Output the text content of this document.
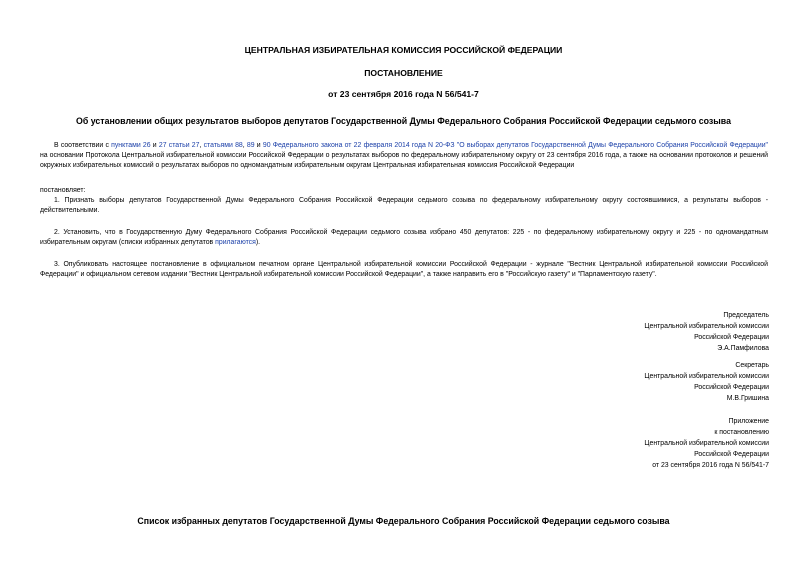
ЦЕНТРАЛЬНАЯ ИЗБИРАТЕЛЬНАЯ КОМИССИЯ РОССИЙСКОЙ ФЕДЕРАЦИИ
ПОСТАНОВЛЕНИЕ
от 23 сентября 2016 года N 56/541-7
Об установлении общих результатов выборов депутатов Государственной Думы Федерального Собрания Российской Федерации седьмого созыва

В соответствии с пунктами 26 и 27 статьи 27, статьями 88, 89 и 90 Федерального закона от 22 февраля 2014 года N 20-ФЗ "О выборах депутатов Государственной Думы Федерального Собрания Российской Федерации" на основании Протокола Центральной избирательной комиссии Российской Федерации о результатах выборов по федеральному избирательному округу от 23 сентября 2016 года, а также на основании протоколов и решений окружных избирательных комиссий о результатах выборов по одномандатным избирательным округам Центральная избирательная комиссия Российской Федерации

постановляет:

1. Признать выборы депутатов Государственной Думы Федерального Собрания Российской Федерации седьмого созыва по федеральному избирательному округу состоявшимися, а результаты выборов - действительными.

2. Установить, что в Государственную Думу Федерального Собрания Российской Федерации седьмого созыва избрано 450 депутатов: 225 - по федеральному избирательному округу и 225 - по одномандатным избирательным округам (списки избранных депутатов прилагаются).

3. Опубликовать настоящее постановление в официальном печатном органе Центральной избирательной комиссии Российской Федерации - журнале "Вестник Центральной избирательной комиссии Российской Федерации" и официальном сетевом издании "Вестник Центральной избирательной комиссии Российской Федерации", а также направить его в "Российскую газету" и "Парламентскую газету".

Председатель
Центральной избирательной комиссии
Российской Федерации
Э.А.Памфилова
Секретарь
Центральной избирательной комиссии
Российской Федерации
М.В.Гришина
Приложение
к постановлению
Центральной избирательной комиссии
Российской Федерации
от 23 сентября 2016 года N 56/541-7
Список избранных депутатов Государственной Думы Федерального Собрания Российской Федерации седьмого созыва
